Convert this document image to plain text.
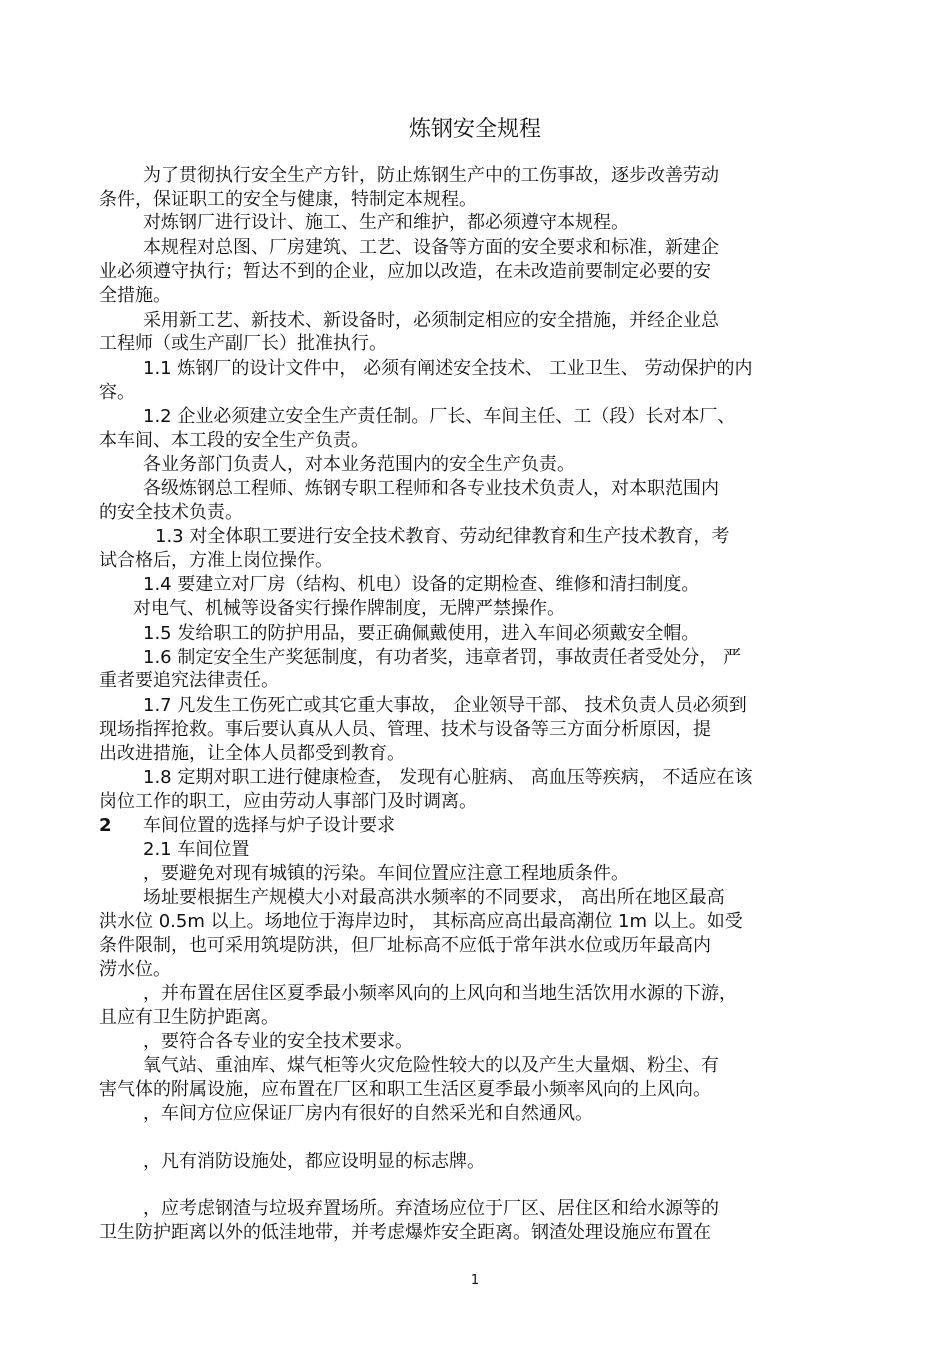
炼钢安全规程
为了贯彻执行安全生产方针，防止炼钢生产中的工伤事故，逐步改善劳动
条件，保证职工的安全与健康，特制定本规程。
对炼钢厂进行设计、施工、生产和维护，都必须遵守本规程。
本规程对总图、厂房建筑、工艺、设备等方面的安全要求和标准，新建企
业必须遵守执行；暂达不到的企业，应加以改造，在未改造前要制定必要的安
全措施。
采用新工艺、新技术、新设备时，必须制定相应的安全措施，并经企业总
工程师（或生产副厂长）批准执行。
1.1 炼钢厂的设计文件中， 必须有阐述安全技术、 工业卫生、 劳动保护的内
容。
1.2 企业必须建立安全生产责任制。厂长、车间主任、工（段）长对本厂、
本车间、本工段的安全生产负责。
各业务部门负责人，对本业务范围内的安全生产负责。
各级炼钢总工程师、炼钢专职工程师和各专业技术负责人，对本职范围内
的安全技术负责。
1.3 对全体职工要进行安全技术教育、劳动纪律教育和生产技术教育，考
试合格后，方准上岗位操作。
1.4 要建立对厂房（结构、机电）设备的定期检查、维修和清扫制度。
对电气、机械等设备实行操作牌制度，无牌严禁操作。
1.5 发给职工的防护用品，要正确佩戴使用，进入车间必须戴安全帽。
1.6 制定安全生产奖惩制度，有功者奖，违章者罚，事故责任者受处分， 严
重者要追究法律责任。
1.7 凡发生工伤死亡或其它重大事故， 企业领导干部、 技术负责人员必须到
现场指挥抢救。事后要认真从人员、管理、技术与设备等三方面分析原因，提
出改进措施，让全体人员都受到教育。
1.8 定期对职工进行健康检查， 发现有心脏病、 高血压等疾病， 不适应在该
岗位工作的职工，应由劳动人事部门及时调离。
2 车间位置的选择与炉子设计要求
2.1 车间位置
，要避免对现有城镇的污染。车间位置应注意工程地质条件。
场址要根据生产规模大小对最高洪水频率的不同要求， 高出所在地区最高
洪水位 0.5m 以上。场地位于海岸边时， 其标高应高出最高潮位 1m 以上。如受
条件限制，也可采用筑堤防洪，但厂址标高不应低于常年洪水位或历年最高内
涝水位。
，并布置在居住区夏季最小频率风向的上风向和当地生活饮用水源的下游，
且应有卫生防护距离。
，要符合各专业的安全技术要求。
氧气站、重油库、煤气柜等火灾危险性较大的以及产生大量烟、粉尘、有
害气体的附属设施，应布置在厂区和职工生活区夏季最小频率风向的上风向。
，车间方位应保证厂房内有很好的自然采光和自然通风。
，凡有消防设施处，都应设明显的标志牌。
，应考虑钢渣与垃圾弃置场所。弃渣场应位于厂区、居住区和给水源等的
卫生防护距离以外的低洼地带，并考虑爆炸安全距离。钢渣处理设施应布置在
1
